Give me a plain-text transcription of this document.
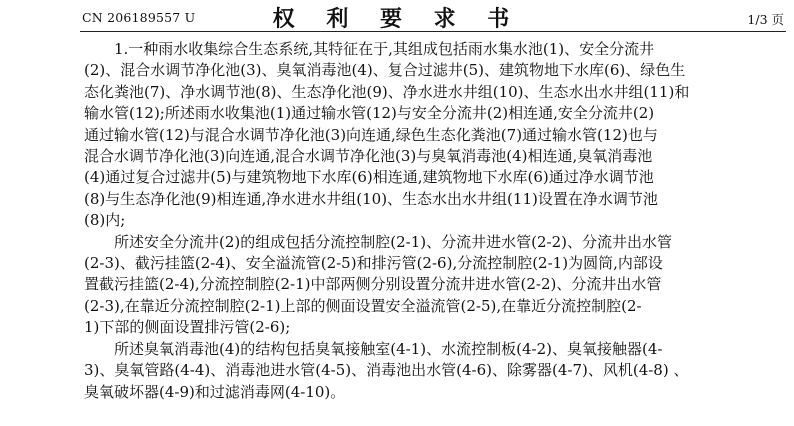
CN 206189557 U	权 利 要 求 书	1/3 页

1.一种雨水收集综合生态系统,其特征在于,其组成包括雨水集水池(1)、安全分流井
(2)、混合水调节净化池(3)、臭氧消毒池(4)、复合过滤井(5)、建筑物地下水库(6)、绿色生
态化粪池(7)、净水调节池(8)、生态净化池(9)、净水进水井组(10)、生态水出水井组(11)和
输水管(12);所述雨水收集池(1)通过输水管(12)与安全分流井(2)相连通,安全分流井(2)
通过输水管(12)与混合水调节净化池(3)向连通,绿色生态化粪池(7)通过输水管(12)也与
混合水调节净化池(3)向连通,混合水调节净化池(3)与臭氧消毒池(4)相连通,臭氧消毒池
(4)通过复合过滤井(5)与建筑物地下水库(6)相连通,建筑物地下水库(6)通过净水调节池
(8)与生态净化池(9)相连通,净水进水井组(10)、生态水出水井组(11)设置在净水调节池
(8)内;

所述安全分流井(2)的组成包括分流控制腔(2-1)、分流井进水管(2-2)、分流井出水管
(2-3)、截污挂篮(2-4)、安全溢流管(2-5)和排污管(2-6),分流控制腔(2-1)为圆筒,内部设
置截污挂篮(2-4),分流控制腔(2-1)中部两侧分别设置分流井进水管(2-2)、分流井出水管
(2-3),在靠近分流控制腔(2-1)上部的侧面设置安全溢流管(2-5),在靠近分流控制腔(2-
1)下部的侧面设置排污管(2-6);

所述臭氧消毒池(4)的结构包括臭氧接触室(4-1)、水流控制板(4-2)、臭氧接触器(4-
3)、臭氧管路(4-4)、消毒池进水管(4-5)、消毒池出水管(4-6)、除雾器(4-7)、风机(4-8) 、
臭氧破坏器(4-9)和过滤消毒网(4-10)。
